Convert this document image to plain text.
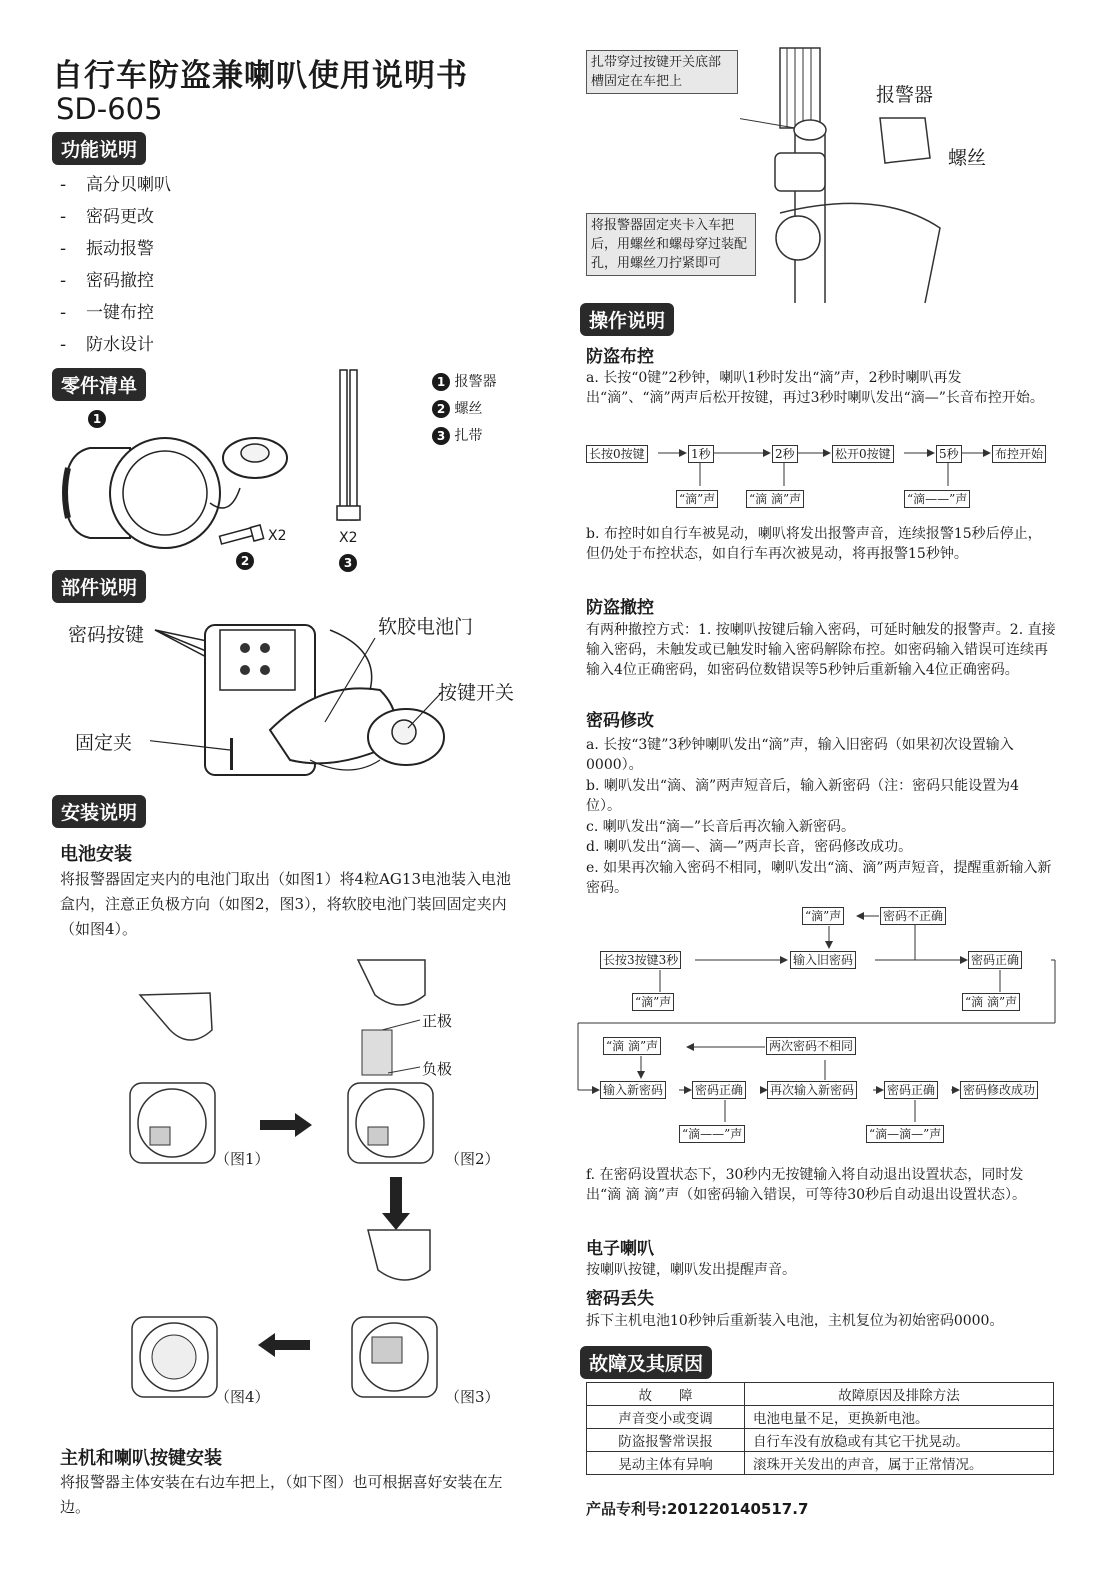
自行车防盗兼喇叭使用说明书
SD-605
功能说明
- 高分贝喇叭
- 密码更改
- 振动报警
- 密码撤控
- 一键布控
- 防水设计
零件清单
1
X2
2
X2
3
1 报警器
2 螺丝
3 扎带
部件说明
密码按键	软胶电池门
按键开关
固定夹
安装说明
电池安装
将报警器固定夹内的电池门取出（如图1）将4粒AG13电池装入电池盒内，注意正负极方向（如图2，图3），将软胶电池门装回固定夹内（如图4）。
正极
负极
（图1）	（图2）
（图3）
（图4）
主机和喇叭按键安装
将报警器主体安装在右边车把上，（如下图）也可根据喜好安装在左边。
扎带穿过按键开关底部槽固定在车把上
将报警器固定夹卡入车把后，用螺丝和螺母穿过装配孔，用螺丝刀拧紧即可
报警器
螺丝
操作说明
防盗布控
a. 长按“0键”2秒钟，喇叭1秒时发出“滴”声，2秒时喇叭再发出“滴”、“滴”两声后松开按键，再过3秒时喇叭发出“滴—”长音布控开始。
长按0按键	1秒	2秒	松开0按键	5秒	布控开始
“滴”声	“滴 滴”声	“滴——”声
b. 布控时如自行车被晃动，喇叭将发出报警声音，连续报警15秒后停止，但仍处于布控状态，如自行车再次被晃动，将再报警15秒钟。
防盗撤控
有两种撤控方式：1. 按喇叭按键后输入密码，可延时触发的报警声。2. 直接输入密码，未触发或已触发时输入密码解除布控。如密码输入错误可连续再输入4位正确密码，如密码位数错误等5秒钟后重新输入4位正确密码。
密码修改
a. 长按“3键”3秒钟喇叭发出“滴”声，输入旧密码（如果初次设置输入0000）。
b. 喇叭发出“滴、滴”两声短音后，输入新密码（注：密码只能设置为4位）。
c. 喇叭发出“滴—”长音后再次输入新密码。
d. 喇叭发出“滴—、滴—”两声长音，密码修改成功。
e. 如果再次输入密码不相同，喇叭发出“滴、滴”两声短音，提醒重新输入新密码。
“滴”声	密码不正确
长按3按键3秒	输入旧密码	密码正确
“滴”声	“滴 滴”声
“滴 滴”声	两次密码不相同
输入新密码	密码正确 再次输入新密码	密码正确 密码修改成功
“滴——”声	“滴—滴—”声
f. 在密码设置状态下，30秒内无按键输入将自动退出设置状态，同时发出“滴 滴 滴”声（如密码输入错误，可等待30秒后自动退出设置状态）。
电子喇叭
按喇叭按键，喇叭发出提醒声音。
密码丢失
拆下主机电池10秒钟后重新装入电池，主机复位为初始密码0000。
故障及其原因
故　　障	故障原因及排除方法
声音变小或变调	电池电量不足，更换新电池。
防盗报警常误报	自行车没有放稳或有其它干扰晃动。
晃动主体有异响	滚珠开关发出的声音，属于正常情况。
产品专利号:201220140517.7
